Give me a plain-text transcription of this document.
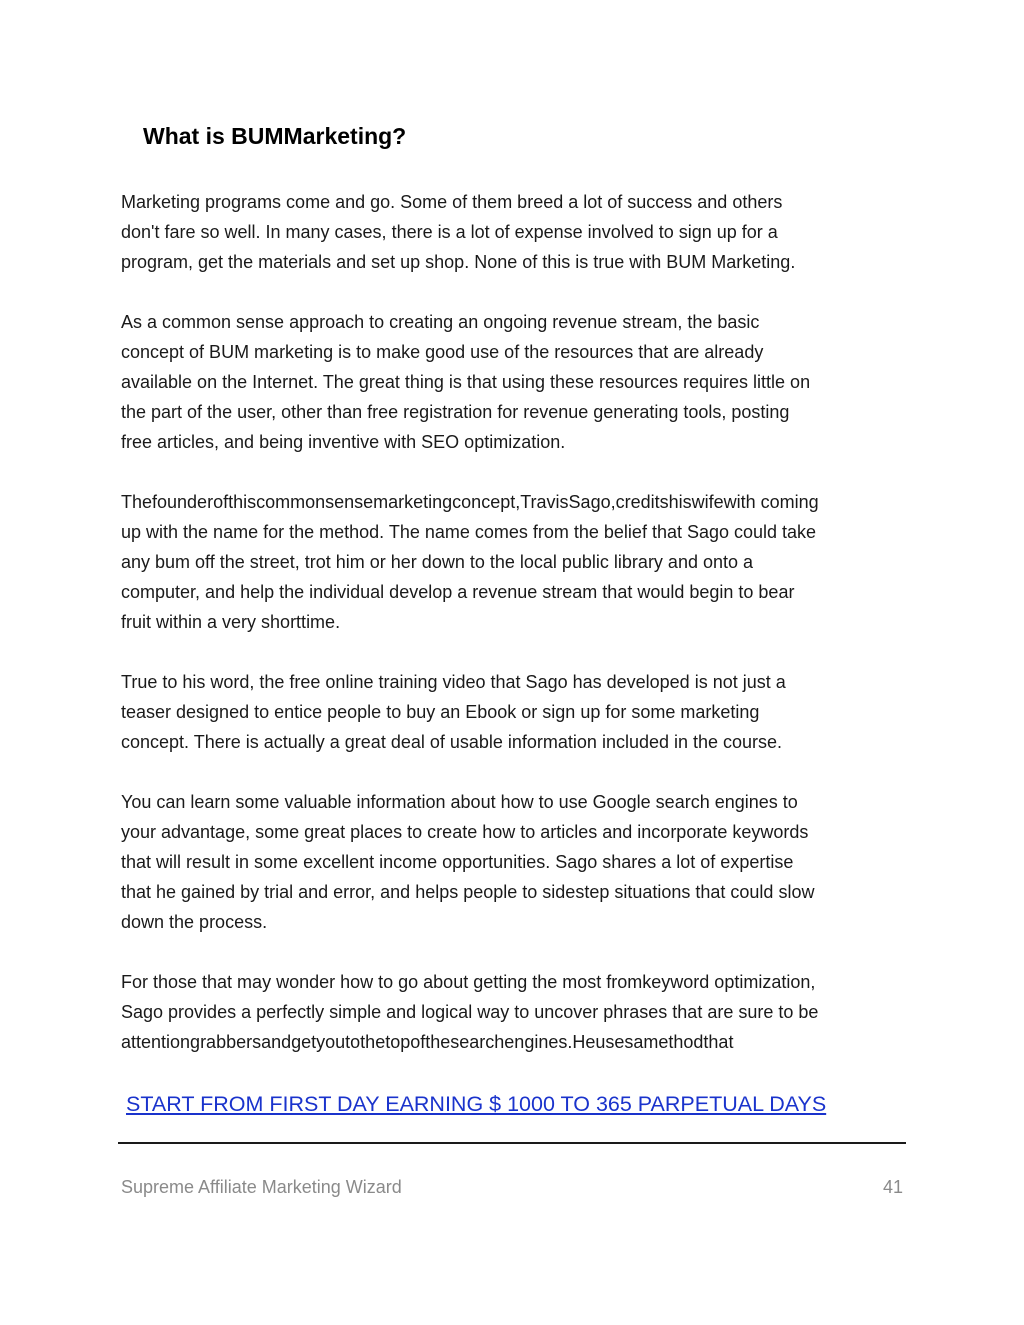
What is BUMMarketing?

Marketing programs come and go. Some of them breed a lot of success and others
don't fare so well. In many cases, there is a lot of expense involved to sign up for a
program, get the materials and set up shop. None of this is true with BUM Marketing.

As a common sense approach to creating an ongoing revenue stream, the basic
concept of BUM marketing is to make good use of the resources that are already
available on the Internet. The great thing is that using these resources requires little on
the part of the user, other than free registration for revenue generating tools, posting
free articles, and being inventive with SEO optimization.

Thefounderofthiscommonsensemarketingconcept,TravisSago,creditshiswifewith coming
up with the name for the method. The name comes from the belief that Sago could take
any bum off the street, trot him or her down to the local public library and onto a
computer, and help the individual develop a revenue stream that would begin to bear
fruit within a very shorttime.

True to his word, the free online training video that Sago has developed is not just a
teaser designed to entice people to buy an Ebook or sign up for some marketing
concept. There is actually a great deal of usable information included in the course.

You can learn some valuable information about how to use Google search engines to
your advantage, some great places to create how to articles and incorporate keywords
that will result in some excellent income opportunities. Sago shares a lot of expertise
that he gained by trial and error, and helps people to sidestep situations that could slow
down the process.

For those that may wonder how to go about getting the most fromkeyword optimization,
Sago provides a perfectly simple and logical way to uncover phrases that are sure to be
attentiongrabbersandgetyoutothetopofthesearchengines.Heusesamethodthat

START FROM FIRST DAY EARNING $ 1000 TO 365 PARPETUAL DAYS
Supreme Affiliate Marketing Wizard	41
